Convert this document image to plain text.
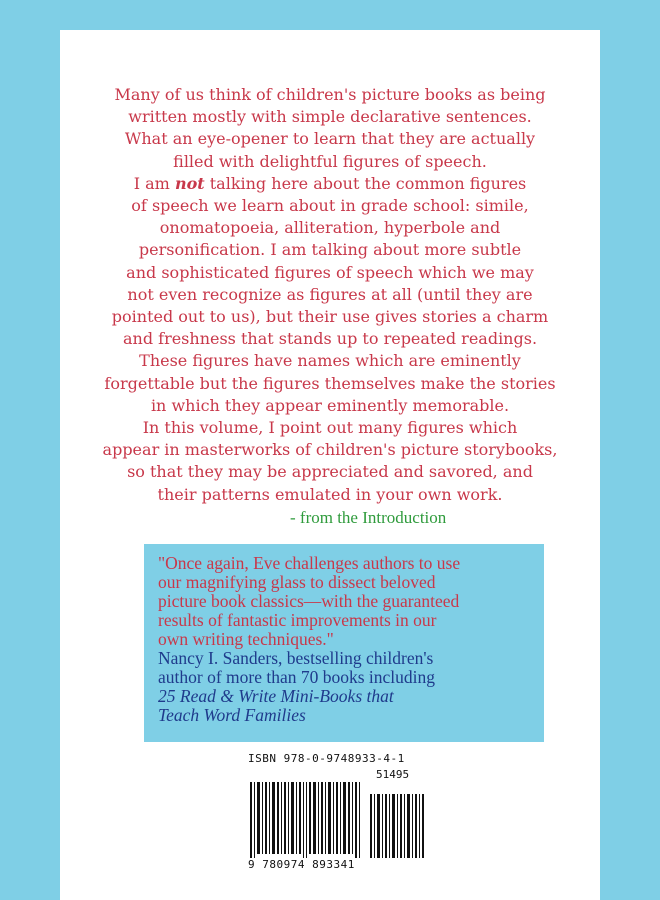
Many of us think of children's picture books as being
written mostly with simple declarative sentences.
What an eye-opener to learn that they are actually
filled with delightful figures of speech.
I am not talking here about the common figures
of speech we learn about in grade school: simile,
onomatopoeia, alliteration, hyperbole and
personification. I am talking about more subtle
and sophisticated figures of speech which we may
not even recognize as figures at all (until they are
pointed out to us), but their use gives stories a charm
and freshness that stands up to repeated readings.
These figures have names which are eminently
forgettable but the figures themselves make the stories
in which they appear eminently memorable.
In this volume, I point out many figures which
appear in masterworks of children's picture storybooks,
so that they may be appreciated and savored, and
their patterns emulated in your own work.
- from the Introduction
"Once again, Eve challenges authors to use
our magnifying glass to dissect beloved
picture book classics—with the guaranteed
results of fantastic improvements in our
own writing techniques."
Nancy I. Sanders, bestselling children's
author of more than 70 books including
25 Read & Write Mini-Books that
Teach Word Families
ISBN 978-0-9748933-4-1
51495
9 780974 893341
